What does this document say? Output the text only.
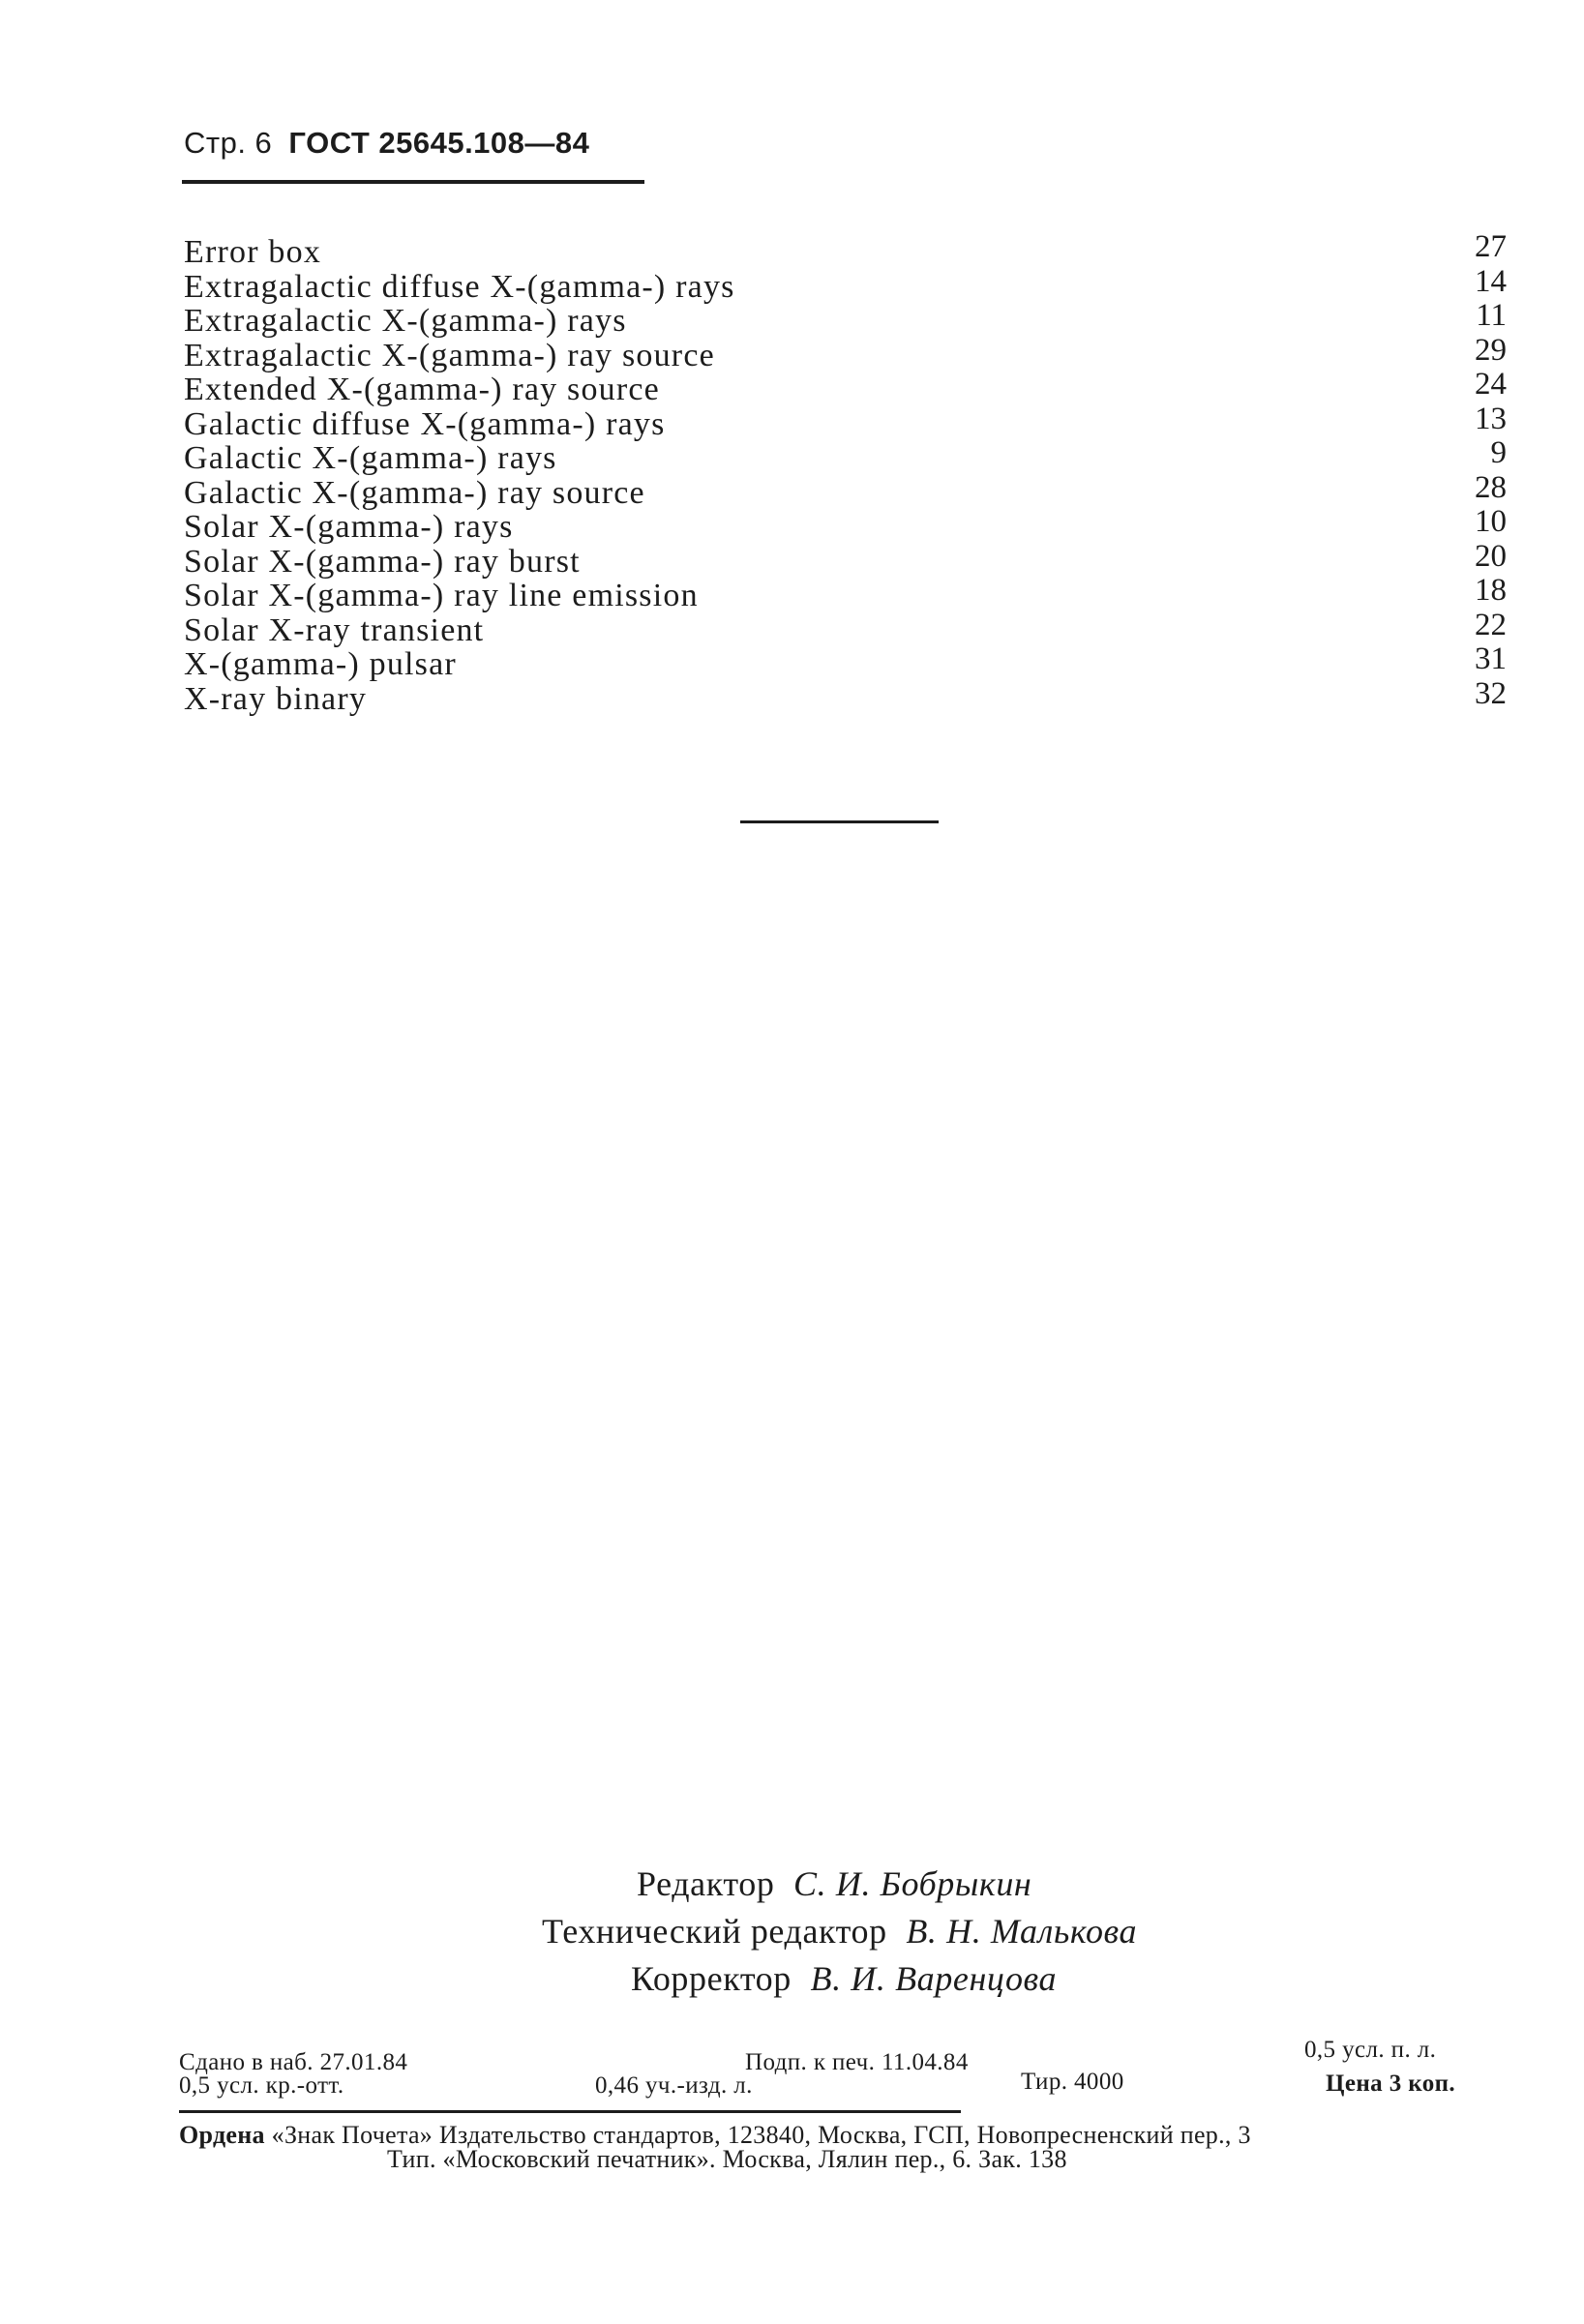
Стр. 6 ГОСТ 25645.108—84
Error box	27
Extragalactic diffuse X-(gamma-) rays	14
Extragalactic X-(gamma-) rays	11
Extragalactic X-(gamma-) ray source	29
Extended X-(gamma-) ray source	24
Galactic diffuse X-(gamma-) rays	13
Galactic X-(gamma-) rays	9
Galactic X-(gamma-) ray source	28
Solar X-(gamma-) rays	10
Solar X-(gamma-) ray burst	20
Solar X-(gamma-) ray line emission	18
Solar X-ray transient	22
X-(gamma-) pulsar	31
X-ray binary	32
Редактор С. И. Бобрыкин
Технический редактор В. Н. Малькова
Корректор В. И. Варенцова
Сдано в наб. 27.01.84
0,5 усл. кр.-отт.
Подп. к печ. 11.04.84
0,46 уч.-изд. л.	Тир. 4000
0,5 усл. п. л.
Цена 3 коп.
Ордена «Знак Почета» Издательство стандартов, 123840, Москва, ГСП, Новопресненский пер., 3
Тип. «Московский печатник». Москва, Лялин пер., 6. Зак. 138
